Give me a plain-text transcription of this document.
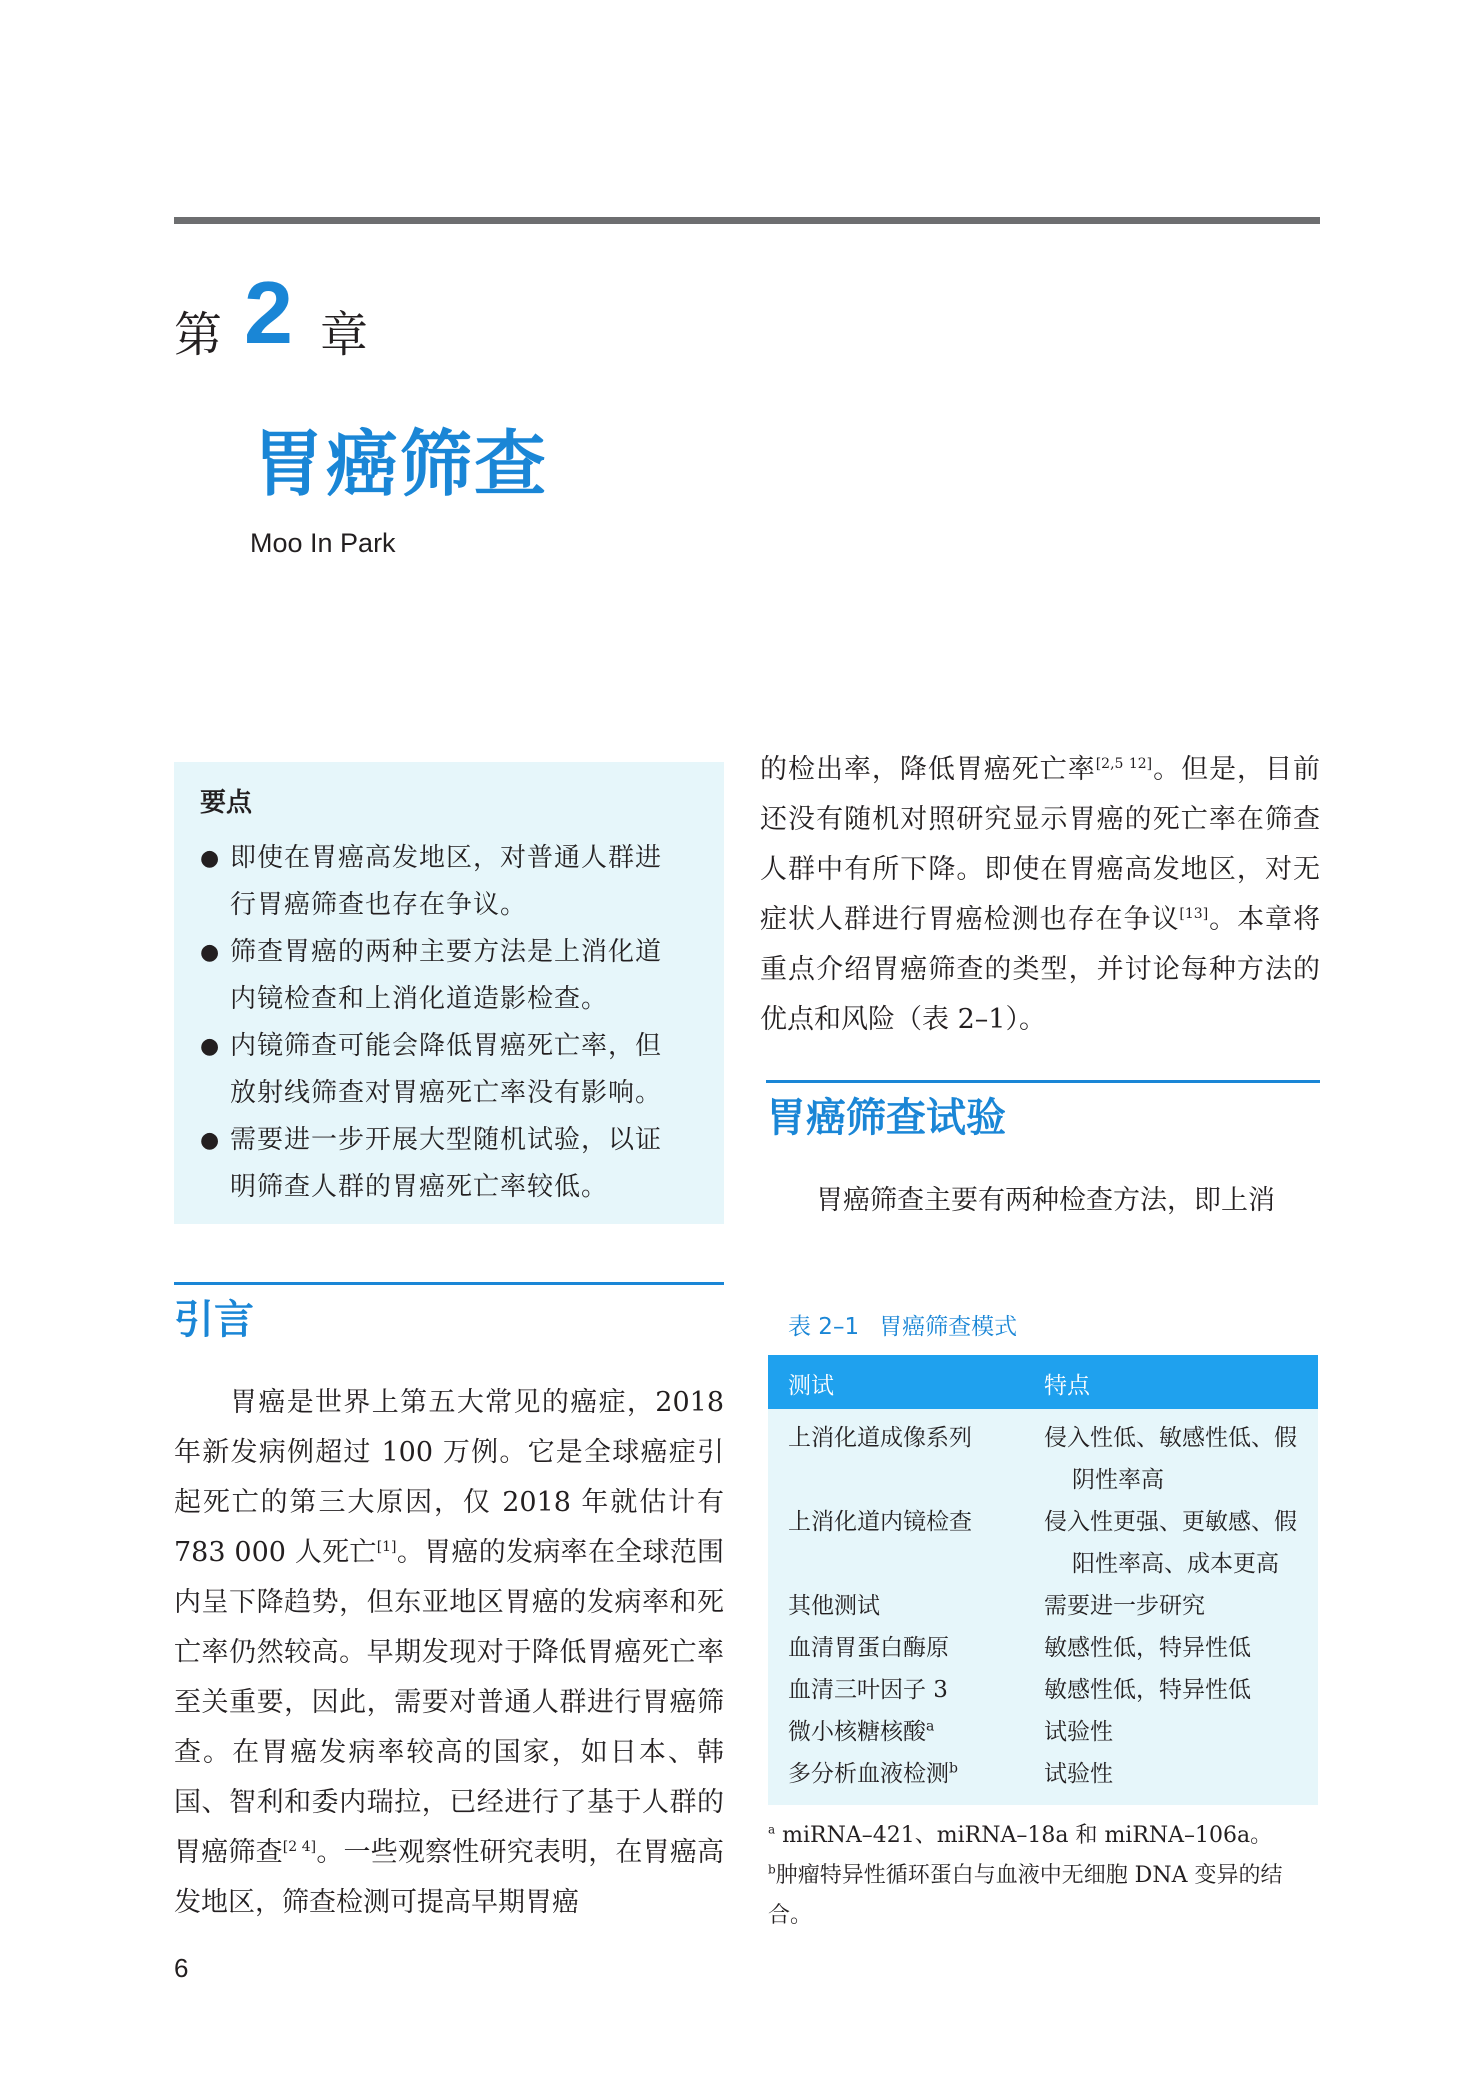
第 2 章
胃癌筛查
Moo In Park
要点
● 即使在胃癌高发地区，对普通人群进
行胃癌筛查也存在争议。
● 筛查胃癌的两种主要方法是上消化道
内镜检查和上消化道造影检查。
● 内镜筛查可能会降低胃癌死亡率，但
放射线筛查对胃癌死亡率没有影响。
● 需要进一步开展大型随机试验，以证
明筛查人群的胃癌死亡率较低。
引言

胃癌是世界上第五大常见的癌症，2018年新发病例超过 100 万例。它是全球癌症引起死亡的第三大原因，仅 2018 年就估计有 783 000 人死亡[1]。胃癌的发病率在全球范围内呈下降趋势，但东亚地区胃癌的发病率和死亡率仍然较高。早期发现对于降低胃癌死亡率至关重要，因此，需要对普通人群进行胃癌筛查。在胃癌发病率较高的国家，如日本、韩国、智利和委内瑞拉，已经进行了基于人群的胃癌筛查[2 4]。一些观察性研究表明，在胃癌高发地区，筛查检测可提高早期胃癌

的检出率，降低胃癌死亡率[2,5 12]。但是，目前还没有随机对照研究显示胃癌的死亡率在筛查人群中有所下降。即使在胃癌高发地区，对无症状人群进行胃癌检测也存在争议[13]。本章将重点介绍胃癌筛查的类型，并讨论每种方法的优点和风险（表 2–1）。

胃癌筛查试验

胃癌筛查主要有两种检查方法，即上消

表 2–1 胃癌筛查模式
测试	特点
上消化道成像系列	侵入性低、敏感性低、假
阴性率高
上消化道内镜检查	侵入性更强、更敏感、假
阳性率高、成本更高
其他测试	需要进一步研究
血清胃蛋白酶原	敏感性低，特异性低
血清三叶因子 3	敏感性低，特异性低
微小核糖核酸$^a$	试验性
多分析血液检测$^b$	试验性
$^a$ miRNA–421、miRNA–18a 和 miRNA–106a。
$^b$肿瘤特异性循环蛋白与血液中无细胞 DNA 变异的结合。
6
